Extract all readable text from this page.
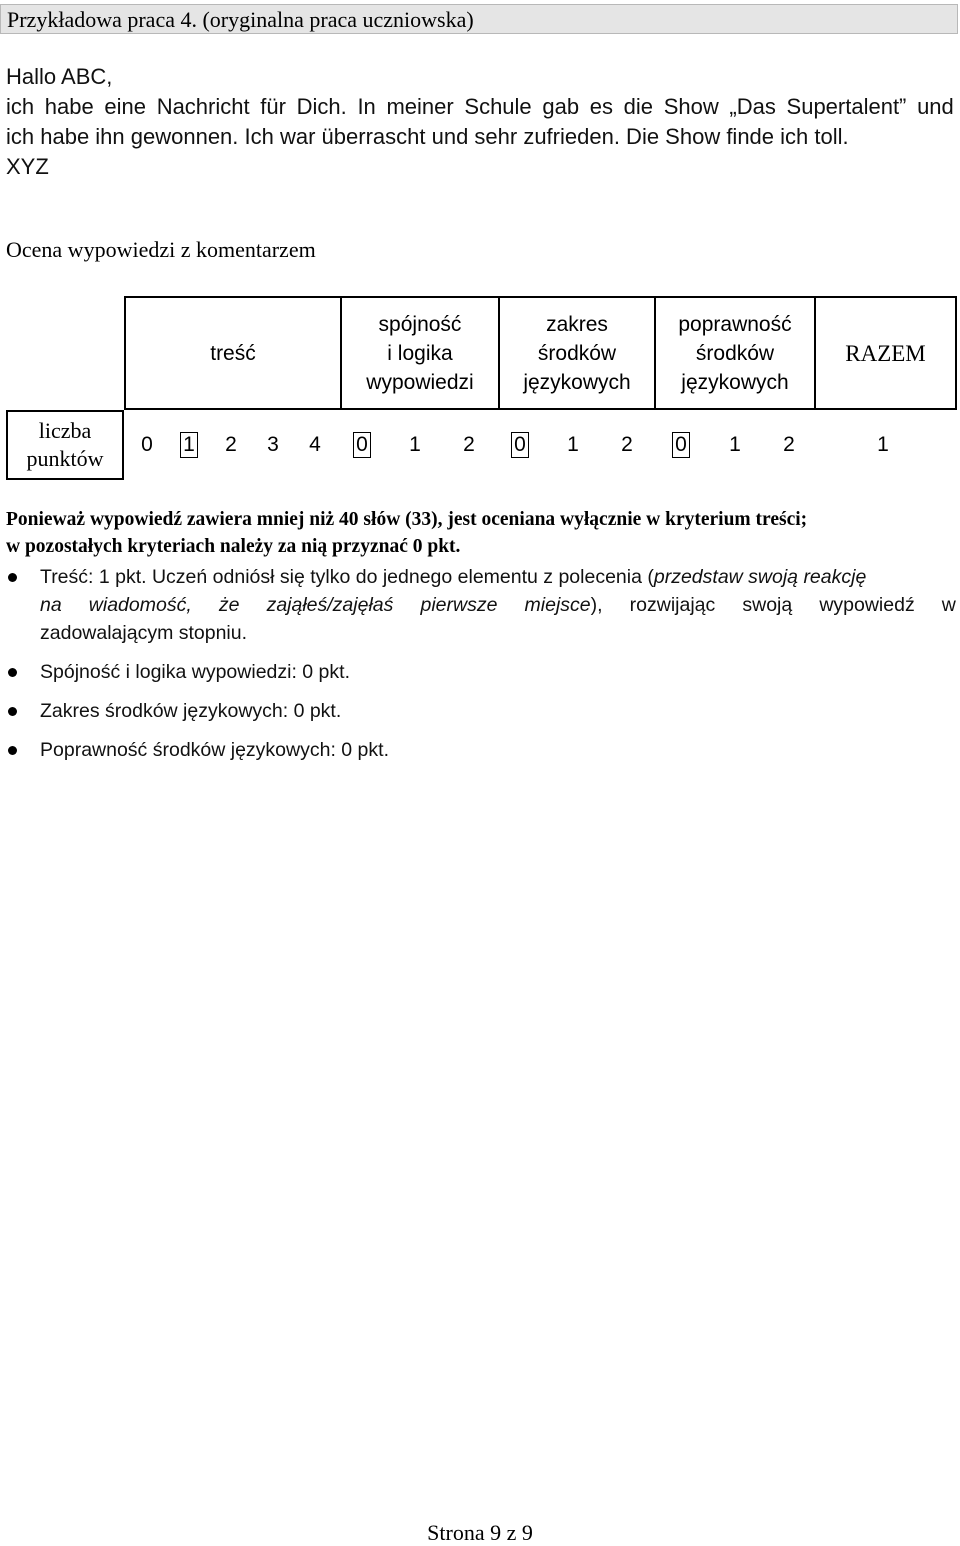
Przykładowa praca 4. (oryginalna praca uczniowska)
Hallo ABC,
ich habe eine Nachricht für Dich. In meiner Schule gab es die Show „Das Supertalent” und
ich habe ihn gewonnen. Ich war überrascht und sehr zufrieden. Die Show finde ich toll.
XYZ
Ocena wypowiedzi z komentarzem
treść
spójność
i logika
wypowiedzi
zakres
środków
językowych
poprawność
środków
językowych
RAZEM
liczba
punktów
0 1 2 3 4 0 1 2 0 1 2 0 1 2	1
Ponieważ wypowiedź zawiera mniej niż 40 słów (33), jest oceniana wyłącznie w kryterium treści;
w pozostałych kryteriach należy za nią przyznać 0 pkt.
Treść: 1 pkt. Uczeń odniósł się tylko do jednego elementu z polecenia ( przedstaw swoją reakcję
na wiadomość, że zająłeś/zajęłaś pierwsze miejsce), rozwijając swoją wypowiedź w
zadowalającym stopniu.
Spójność i logika wypowiedzi: 0 pkt.
Zakres środków językowych: 0 pkt.
Poprawność środków językowych: 0 pkt.
Strona 9 z 9
